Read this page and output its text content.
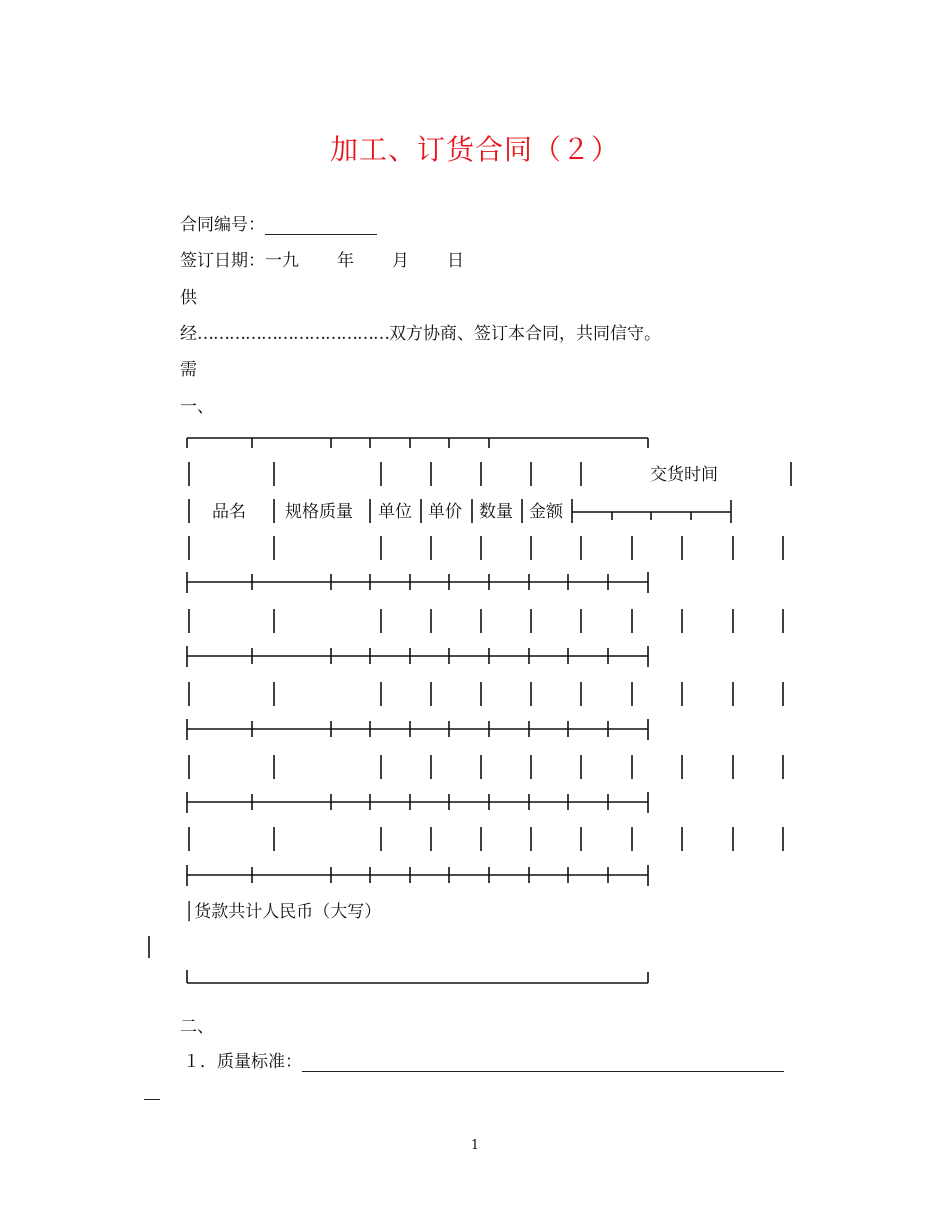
加工、订货合同（２）
合同编号：
签订日期：一九 年 月 日
供
经………………………………双方协商、签订本合同，共同信守。
需
一、
交货时间
品名 规格质量 单位 单价 数量 金额
│货款共计人民币（大写）
二、
１．质量标准：
1
